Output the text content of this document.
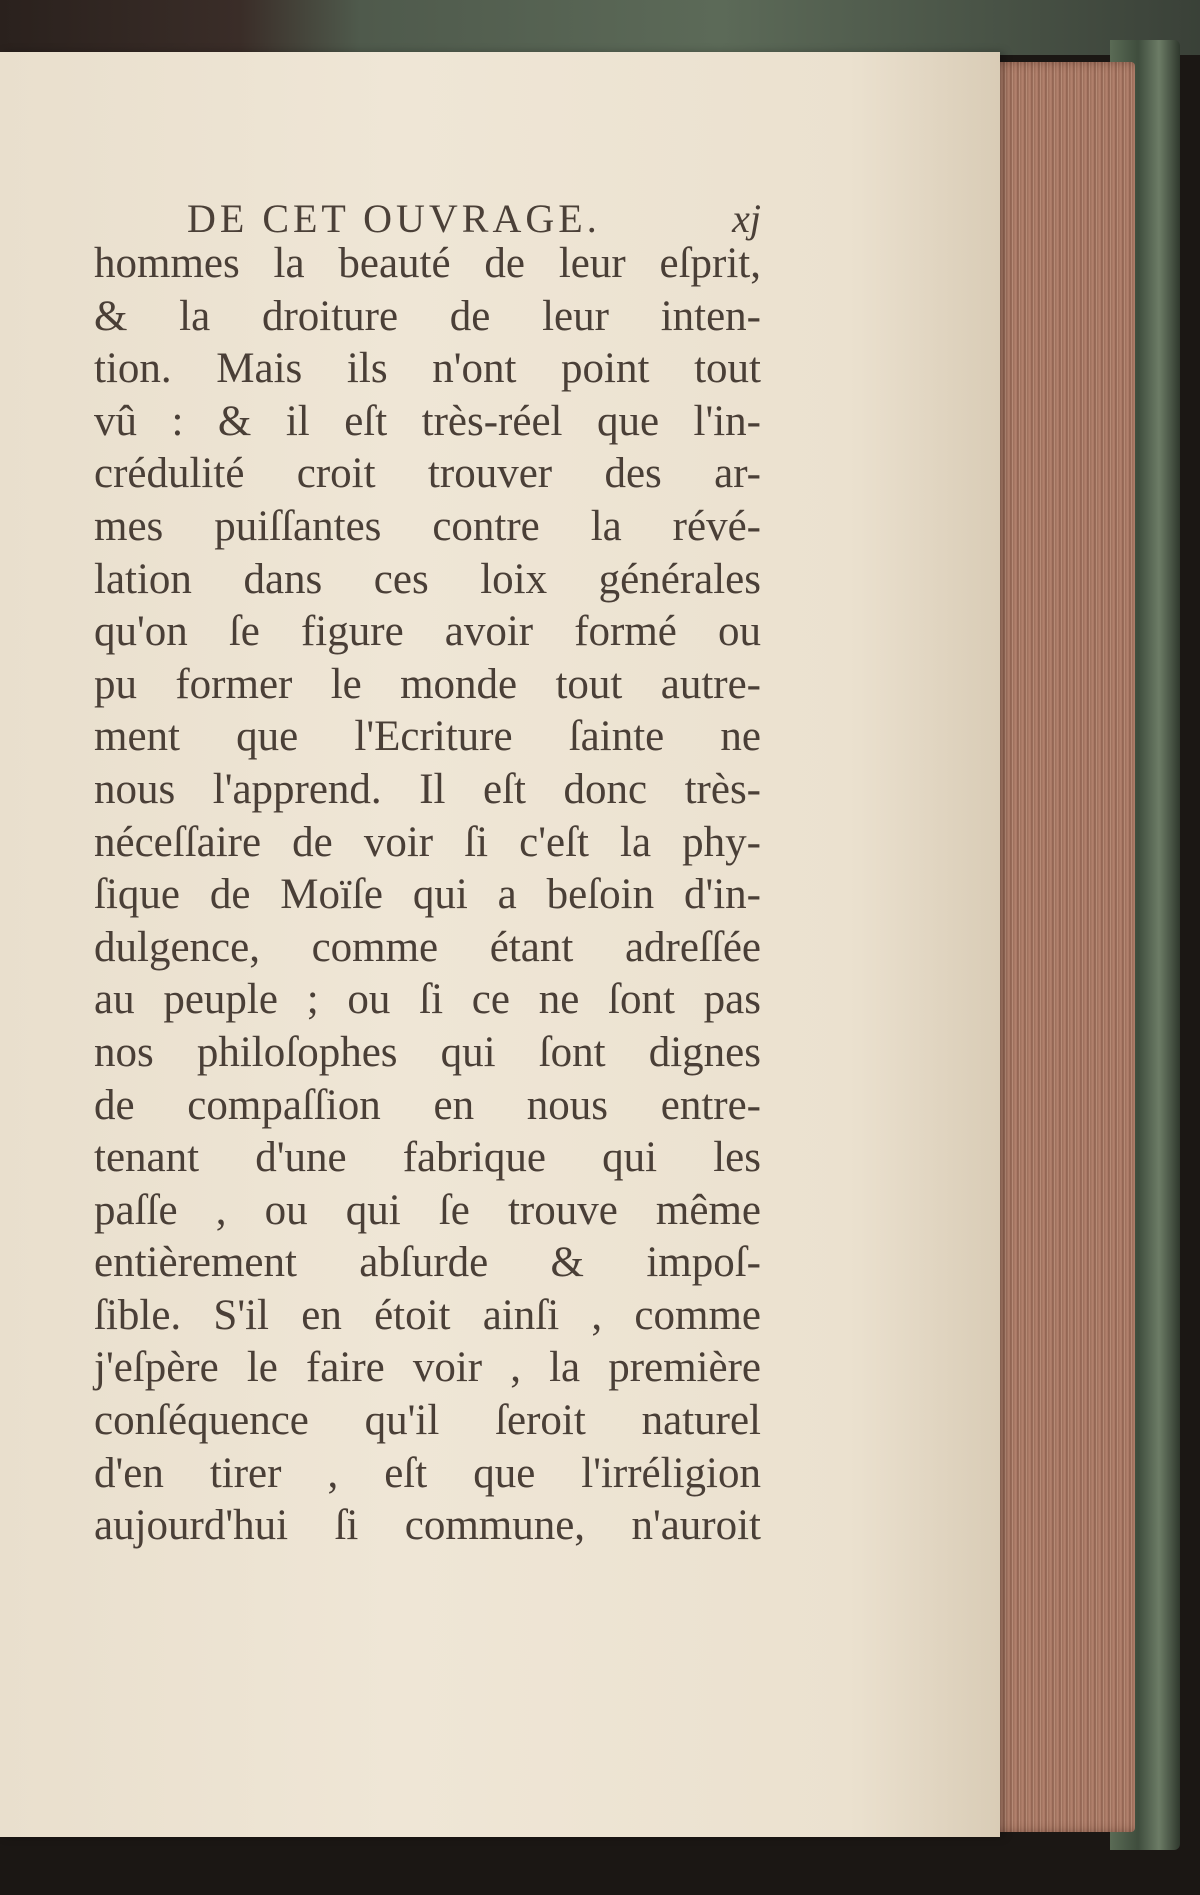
DE CET OUVRAGE.	xj
hommes la beauté de leur eſprit,
& la droiture de leur inten-
tion. Mais ils n'ont point tout
vû : & il eſt très-réel que l'in-
crédulité croit trouver des ar-
mes puiſſantes contre la révé-
lation dans ces loix générales
qu'on ſe figure avoir formé ou
pu former le monde tout autre-
ment que l'Ecriture ſainte ne
nous l'apprend. Il eſt donc très-
néceſſaire de voir ſi c'eſt la phy-
ſique de Moïſe qui a beſoin d'in-
dulgence, comme étant adreſſée
au peuple ; ou ſi ce ne ſont pas
nos philoſophes qui ſont dignes
de compaſſion en nous entre-
tenant d'une fabrique qui les
paſſe , ou qui ſe trouve même
entièrement abſurde & impoſ-
ſible. S'il en étoit ainſi , comme
j'eſpère le faire voir , la première
conſéquence qu'il ſeroit naturel
d'en tirer , eſt que l'irréligion
aujourd'hui ſi commune, n'auroit
